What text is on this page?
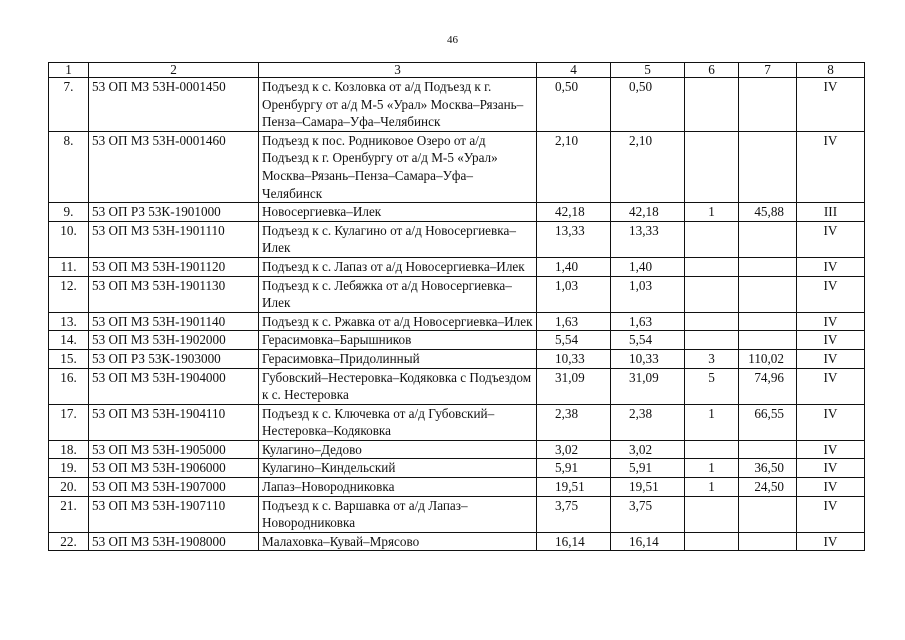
46
1	2	3	4	5	6	7	8
7.	53 ОП МЗ 53Н-0001450	Подъезд к с. Козловка от а/д Подъезд к г. Оренбургу от а/д М-5 «Урал» Москва–Рязань–Пенза–Самара–Уфа–Челябинск	0,50	0,50			IV
8.	53 ОП МЗ 53Н-0001460	Подъезд к пос. Родниковое Озеро от а/д Подъезд к г. Оренбургу от а/д М-5 «Урал» Москва–Рязань–Пенза–Самара–Уфа–Челябинск	2,10	2,10			IV
9.	53 ОП РЗ 53К-1901000	Новосергиевка–Илек	42,18	42,18	1	45,88	III
10.	53 ОП МЗ 53Н-1901110	Подъезд к с. Кулагино от а/д Новосергиевка–Илек	13,33	13,33			IV
11.	53 ОП МЗ 53Н-1901120	Подъезд к с. Лапаз от а/д Новосергиевка–Илек	1,40	1,40			IV
12.	53 ОП МЗ 53Н-1901130	Подъезд к с. Лебяжка от а/д Новосергиевка–Илек	1,03	1,03			IV
13.	53 ОП МЗ 53Н-1901140	Подъезд к с. Ржавка от а/д Новосергиевка–Илек	1,63	1,63			IV
14.	53 ОП МЗ 53Н-1902000	Герасимовка–Барышников	5,54	5,54			IV
15.	53 ОП РЗ 53К-1903000	Герасимовка–Придолинный	10,33	10,33	3	110,02	IV
16.	53 ОП МЗ 53Н-1904000	Губовский–Нестеровка–Кодяковка с Подъездом к с. Нестеровка	31,09	31,09	5	74,96	IV
17.	53 ОП МЗ 53Н-1904110	Подъезд к с. Ключевка от а/д Губовский–Нестеровка–Кодяковка	2,38	2,38	1	66,55	IV
18.	53 ОП МЗ 53Н-1905000	Кулагино–Дедово	3,02	3,02			IV
19.	53 ОП МЗ 53Н-1906000	Кулагино–Киндельский	5,91	5,91	1	36,50	IV
20.	53 ОП МЗ 53Н-1907000	Лапаз–Новородниковка	19,51	19,51	1	24,50	IV
21.	53 ОП МЗ 53Н-1907110	Подъезд к с. Варшавка от а/д Лапаз–Новородниковка	3,75	3,75			IV
22.	53 ОП МЗ 53Н-1908000	Малаховка–Кувай–Мрясово	16,14	16,14			IV
